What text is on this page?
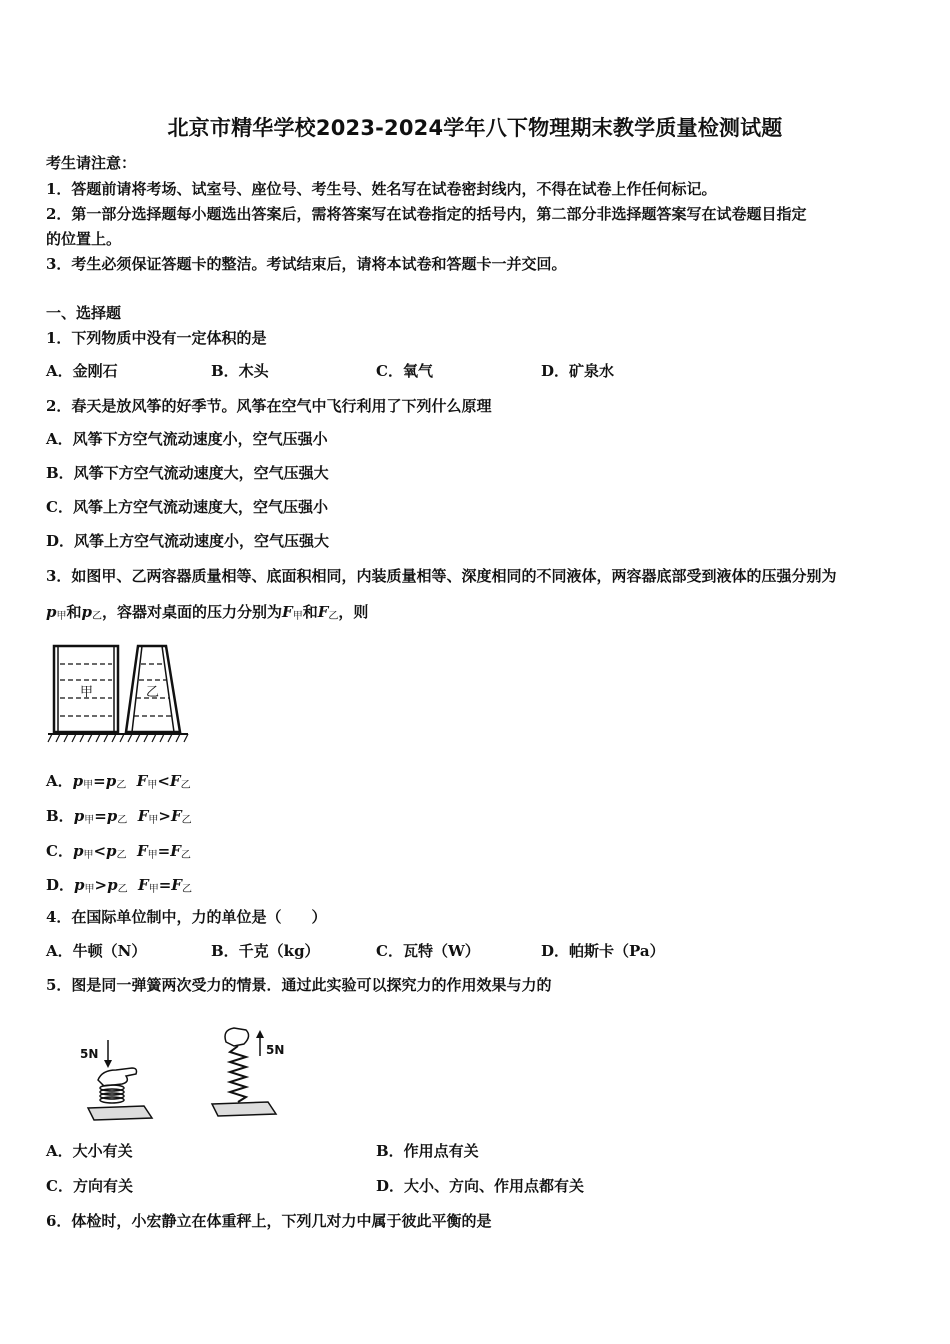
北京市精华学校2023-2024学年八下物理期末教学质量检测试题
考生请注意：
1．答题前请将考场、试室号、座位号、考生号、姓名写在试卷密封线内，不得在试卷上作任何标记。
2．第一部分选择题每小题选出答案后，需将答案写在试卷指定的括号内，第二部分非选择题答案写在试卷题目指定
的位置上。
3．考生必须保证答题卡的整洁。考试结束后，请将本试卷和答题卡一并交回。
一、选择题
1．下列物质中没有一定体积的是
A．金刚石	B．木头	C．氧气	D．矿泉水
2．春天是放风筝的好季节。风筝在空气中飞行利用了下列什么原理
A．风筝下方空气流动速度小，空气压强小
B．风筝下方空气流动速度大，空气压强大
C．风筝上方空气流动速度大，空气压强小
D．风筝上方空气流动速度小，空气压强大
3．如图甲、乙两容器质量相等、底面积相同，内装质量相等、深度相同的不同液体，两容器底部受到液体的压强分别为
$p_甲$和$p_乙$，容器对桌面的压力分别为$F_甲$和$F_乙$，则
甲	乙
A．$p_甲=p_乙$ $F_甲<F_乙$
B．$p_甲=p_乙$ $F_甲>F_乙$
C．$p_甲<p_乙$ $F_甲=F_乙$
D．$p_甲>p_乙$ $F_甲=F_乙$
4．在国际单位制中，力的单位是（　　）
A．牛顿（N）	B．千克（kg）	C．瓦特（W）	D．帕斯卡（Pa）
5．图是同一弹簧两次受力的情景．通过此实验可以探究力的作用效果与力的
5N	5N
A．大小有关	B．作用点有关
C．方向有关	D．大小、方向、作用点都有关
6．体检时，小宏静立在体重秤上，下列几对力中属于彼此平衡的是
